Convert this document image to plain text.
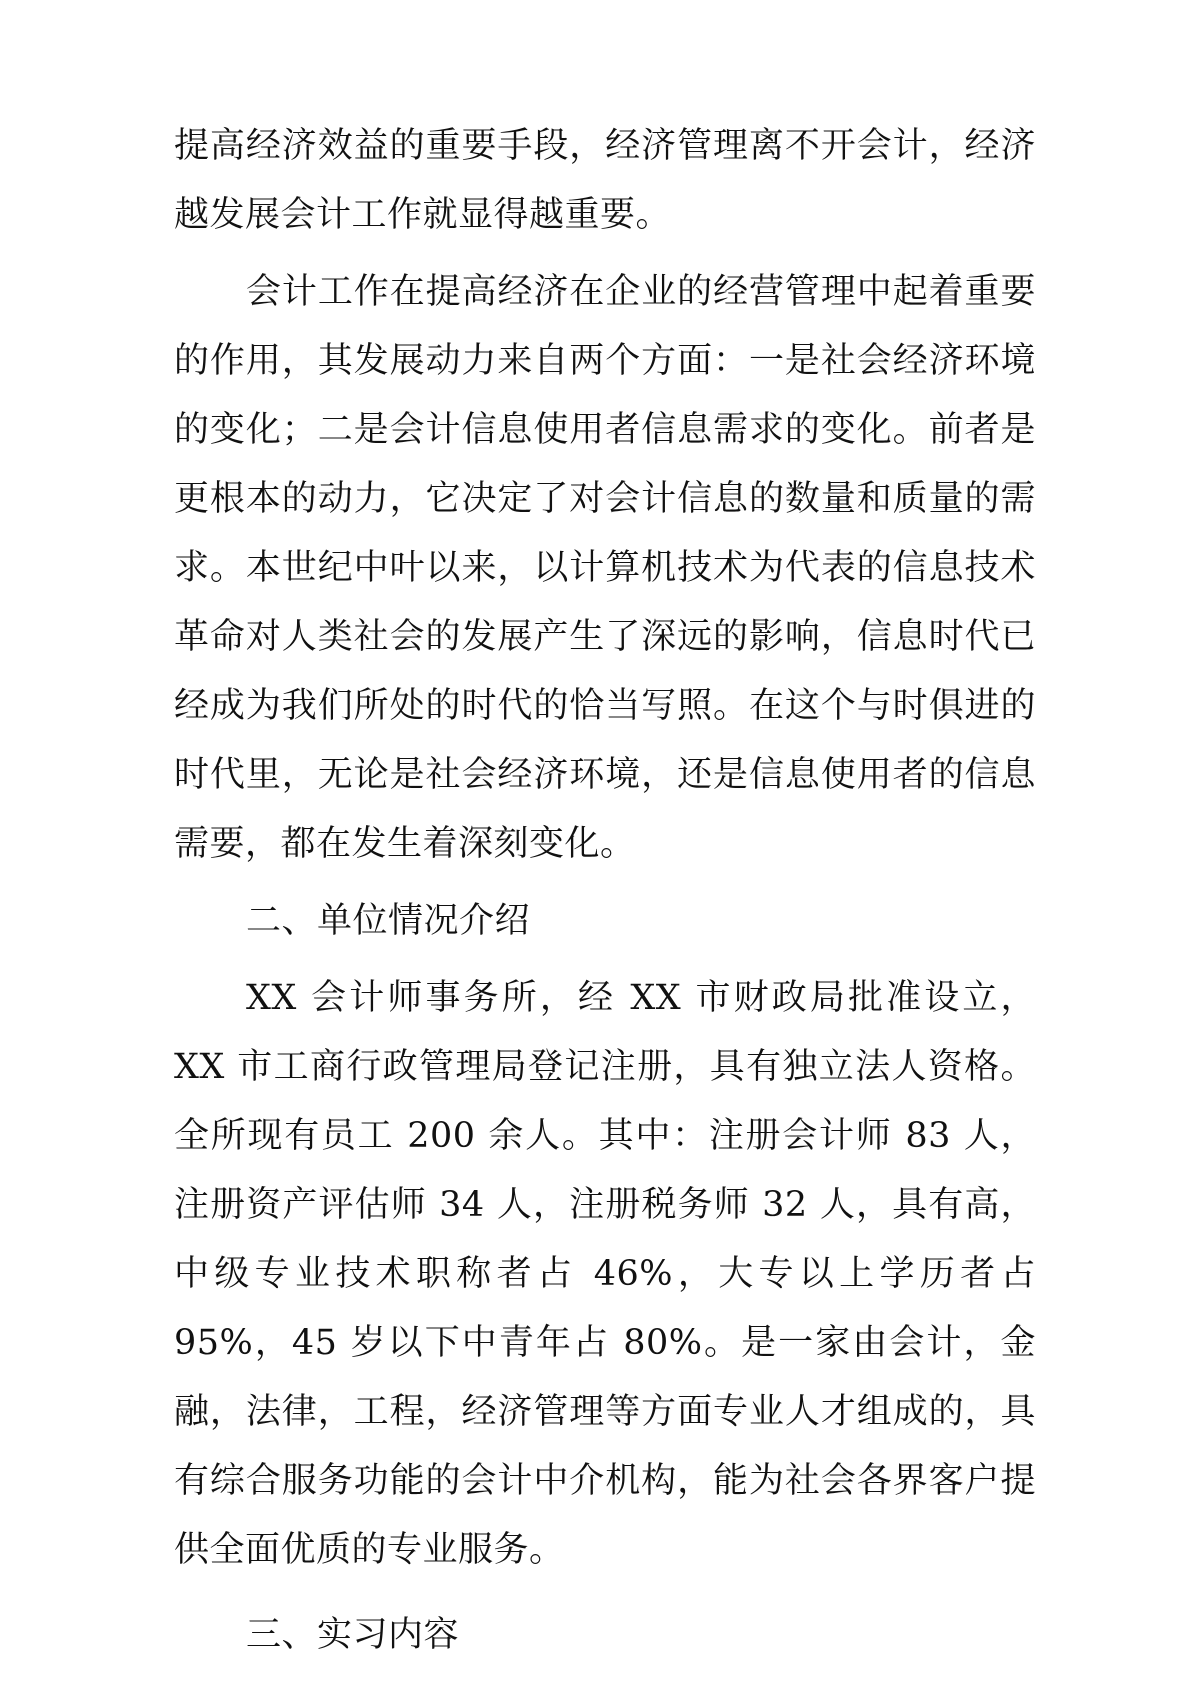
提高经济效益的重要手段，经济管理离不开会计，经济越发展会计工作就显得越重要。

会计工作在提高经济在企业的经营管理中起着重要的作用，其发展动力来自两个方面：一是社会经济环境的变化；二是会计信息使用者信息需求的变化。前者是更根本的动力，它决定了对会计信息的数量和质量的需求。本世纪中叶以来，以计算机技术为代表的信息技术革命对人类社会的发展产生了深远的影响，信息时代已经成为我们所处的时代的恰当写照。在这个与时俱进的时代里，无论是社会经济环境，还是信息使用者的信息需要，都在发生着深刻变化。

二、单位情况介绍

XX 会计师事务所，经 XX 市财政局批准设立，XX 市工商行政管理局登记注册，具有独立法人资格。全所现有员工 200 余人。其中：注册会计师 83 人，注册资产评估师 34 人，注册税务师 32 人，具有高，中级专业技术职称者占 46%，大专以上学历者占 95%，45 岁以下中青年占 80%。是一家由会计，金融，法律，工程，经济管理等方面专业人才组成的，具有综合服务功能的会计中介机构，能为社会各界客户提供全面优质的专业服务。

三、实习内容
